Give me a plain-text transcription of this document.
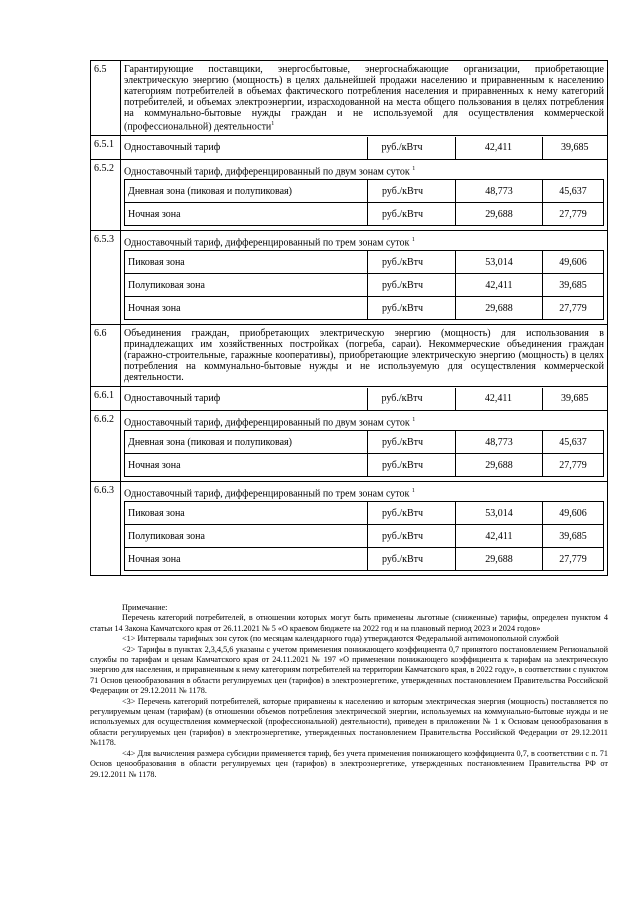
6.5	Гарантирующие поставщики, энергосбытовые, энергоснабжающие организации, приобретающие электрическую энергию (мощность) в целях дальнейшей продажи населению и приравненным к населению категориям потребителей в объемах фактического потребления населения и приравненных к нему категорий потребителей, и объемах электроэнергии, израсходованной на места общего пользования в целях потребления на коммунально-бытовые нужды граждан и не используемой для осуществления коммерческой (профессиональной) деятельности$^1$
6.5.1	Одноставочный тариф	руб./кВтч	42,411	39,685

6.5.2	Одноставочный тариф, дифференцированный по двум зонам суток $^1$
Дневная зона (пиковая и полупиковая)	руб./кВтч	48,773	45,637
Ночная зона	руб./кВтч	29,688	27,779

6.5.3	Одноставочный тариф, дифференцированный по трем зонам суток $^1$
Пиковая зона	руб./кВтч	53,014	49,606
Полупиковая зона	руб./кВтч	42,411	39,685
Ночная зона	руб./кВтч	29,688	27,779

6.6	Объединения граждан, приобретающих электрическую энергию (мощность) для использования в принадлежащих им хозяйственных постройках (погреба, сараи). Некоммерческие объединения граждан (гаражно-строительные, гаражные кооперативы), приобретающие электрическую энергию (мощность) в целях потребления на коммунально-бытовые нужды и не используемую для осуществления коммерческой деятельности.
6.6.1	Одноставочный тариф	руб./кВтч	42,411	39,685

6.6.2	Одноставочный тариф, дифференцированный по двум зонам суток $^1$
Дневная зона (пиковая и полупиковая)	руб./кВтч	48,773	45,637
Ночная зона	руб./кВтч	29,688	27,779

6.6.3	Одноставочный тариф, дифференцированный по трем зонам суток $^1$
Пиковая зона	руб./кВтч	53,014	49,606
Полупиковая зона	руб./кВтч	42,411	39,685
Ночная зона	руб./кВтч	29,688	27,779

Примечание:

Перечень категорий потребителей, в отношении которых могут быть применены льготные (сниженные) тарифы, определен пунктом 4 статьи 14 Закона Камчатского края от 26.11.2021 № 5 «О краевом бюджете на 2022 год и на плановый период 2023 и 2024 годов»

<1> Интервалы тарифных зон суток (по месяцам календарного года) утверждаются Федеральной антимонопольной службой

<2> Тарифы в пунктах 2,3,4,5,6 указаны с учетом применения понижающего коэффициента 0,7 принятого постановлением Региональной службы по тарифам и ценам Камчатского края от 24.11.2021 № 197 «О применении понижающего коэффициента к тарифам на электрическую энергию для населения, и приравненным к нему категориям потребителей на территории Камчатского края, в 2022 году», в соответствии с пунктом 71 Основ ценообразования в области регулируемых цен (тарифов) в электроэнергетике, утвержденных постановлением Правительства Российской Федерации от 29.12.2011 № 1178.

<3> Перечень категорий потребителей, которые приравнены к населению и которым электрическая энергия (мощность) поставляется по регулируемым ценам (тарифам) (в отношении объемов потребления электрической энергии, используемых на коммунально-бытовые нужды и не используемых для осуществления коммерческой (профессиональной) деятельности), приведен в приложении № 1 к Основам ценообразования в области регулируемых цен (тарифов) в электроэнергетике, утвержденных постановлением Правительства Российской Федерации от 29.12.2011 №1178.

<4> Для вычисления размера субсидии применяется тариф, без учета применения понижающего коэффициента 0,7, в соответствии с п. 71 Основ ценообразования в области регулируемых цен (тарифов) в электроэнергетике, утвержденных постановлением Правительства РФ от 29.12.2011 № 1178.
